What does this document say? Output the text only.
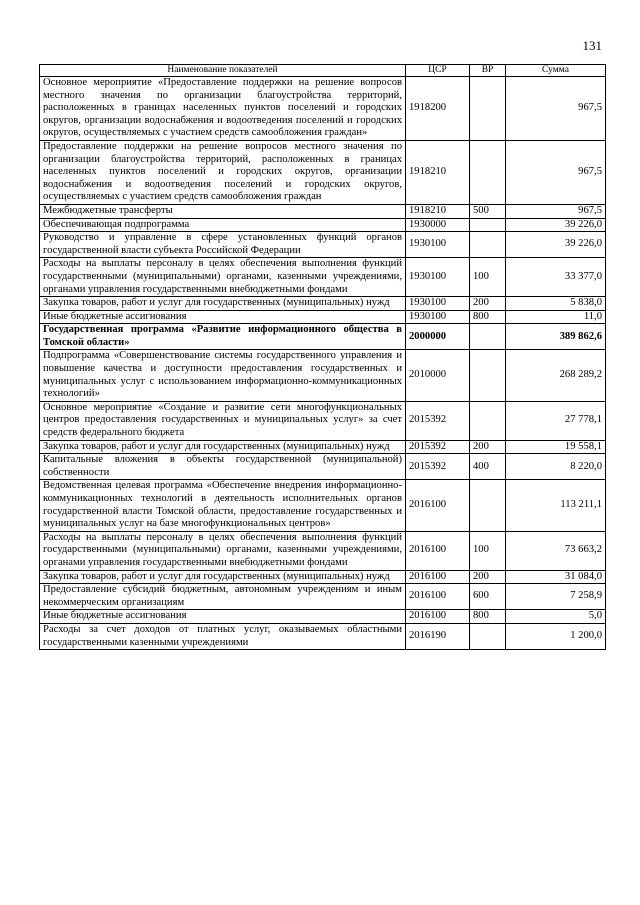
131
Наименование показателей	ЦСР	ВР	Сумма
Основное мероприятие «Предоставление поддержки на решение вопросов местного значения по организации благоустройства территорий, расположенных в границах населенных пунктов поселений и городских округов, организации водоснабжения и водоотведения поселений и городских округов, осуществляемых с участием средств самообложения граждан»	1918200		967,5
Предоставление поддержки на решение вопросов местного значения по организации благоустройства территорий, расположенных в границах населенных пунктов поселений и городских округов, организации водоснабжения и водоотведения поселений и городских округов, осуществляемых с участием средств самообложения граждан	1918210		967,5
Межбюджетные трансферты	1918210	500	967,5
Обеспечивающая подпрограмма	1930000		39 226,0
Руководство и управление в сфере установленных функций органов государственной власти субъекта Российской Федерации	1930100		39 226,0
Расходы на выплаты персоналу в целях обеспечения выполнения функций государственными (муниципальными) органами, казенными учреждениями, органами управления государственными внебюджетными фондами	1930100	100	33 377,0
Закупка товаров, работ и услуг для государственных (муниципальных) нужд	1930100	200	5 838,0
Иные бюджетные ассигнования	1930100	800	11,0
Государственная программа «Развитие информационного общества в Томской области»	2000000		389 862,6
Подпрограмма «Совершенствование системы государственного управления и повышение качества и доступности предоставления государственных и муниципальных услуг с использованием информационно-коммуникационных технологий»	2010000		268 289,2
Основное мероприятие «Создание и развитие сети многофункциональных центров предоставления государственных и муниципальных услуг» за счет средств федерального бюджета	2015392		27 778,1
Закупка товаров, работ и услуг для государственных (муниципальных) нужд	2015392	200	19 558,1
Капитальные вложения в объекты государственной (муниципальной) собственности	2015392	400	8 220,0
Ведомственная целевая программа «Обеспечение внедрения информационно-коммуникационных технологий в деятельность исполнительных органов государственной власти Томской области, предоставление государственных и муниципальных услуг на базе многофункциональных центров»	2016100		113 211,1
Расходы на выплаты персоналу в целях обеспечения выполнения функций государственными (муниципальными) органами, казенными учреждениями, органами управления государственными внебюджетными фондами	2016100	100	73 663,2
Закупка товаров, работ и услуг для государственных (муниципальных) нужд	2016100	200	31 084,0
Предоставление субсидий бюджетным, автономным учреждениям и иным некоммерческим организациям	2016100	600	7 258,9
Иные бюджетные ассигнования	2016100	800	5,0
Расходы за счет доходов от платных услуг, оказываемых областными государственными казенными учреждениями	2016190		1 200,0
